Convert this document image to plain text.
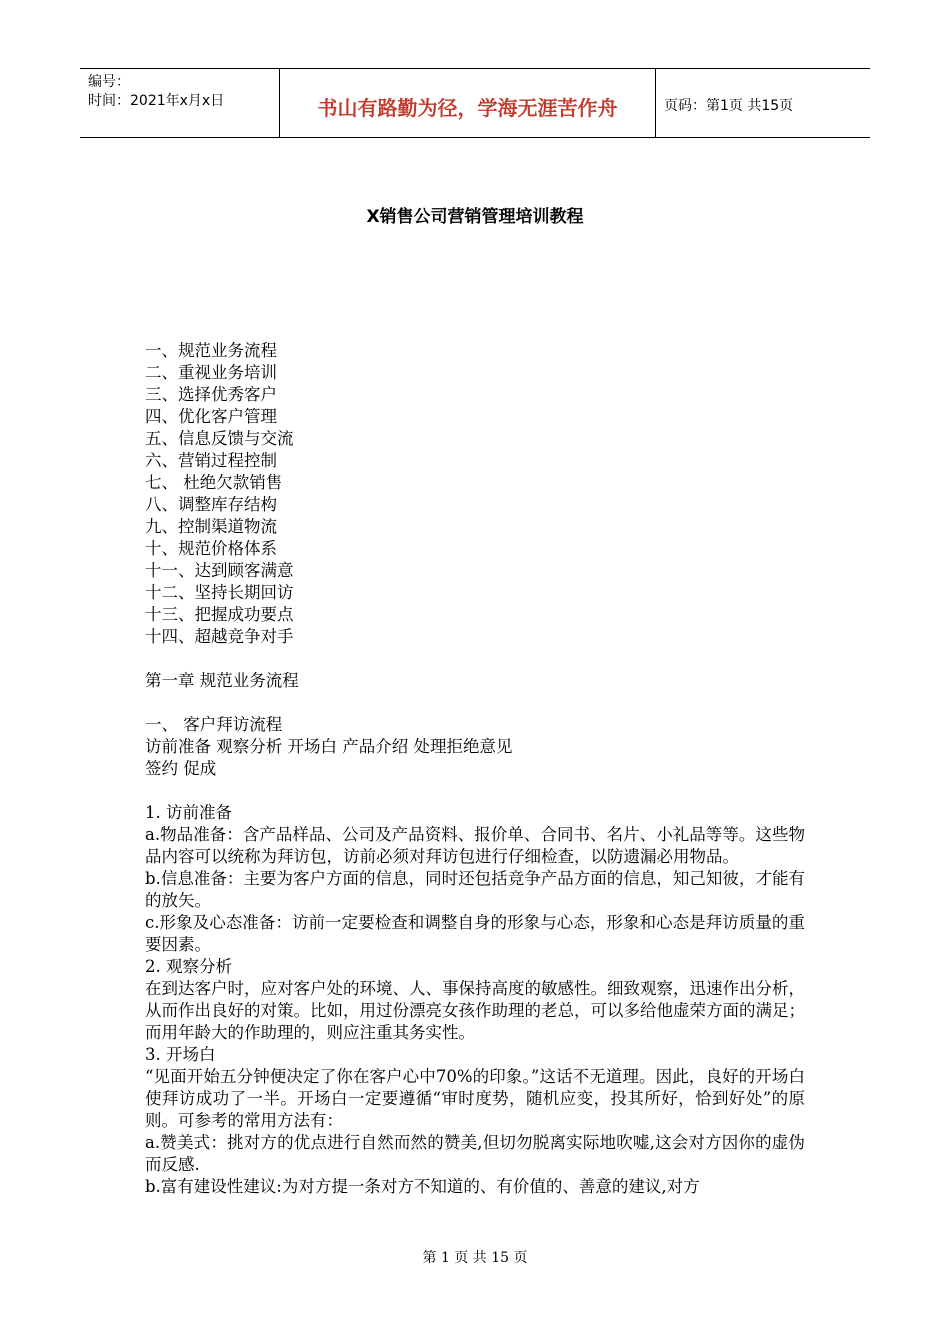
编号：
时间：2021年x月x日	书山有路勤为径，学海无涯苦作舟	页码：第1页 共15页
X销售公司营销管理培训教程
一、规范业务流程
二、重视业务培训
三、选择优秀客户
四、优化客户管理
五、信息反馈与交流
六、营销过程控制
七、 杜绝欠款销售
八、调整库存结构
九、控制渠道物流
十、规范价格体系
十一、达到顾客满意
十二、坚持长期回访
十三、把握成功要点
十四、超越竞争对手
第一章 规范业务流程
一、 客户拜访流程
访前准备 观察分析 开场白 产品介绍 处理拒绝意见
签约 促成
1. 访前准备
a.物品准备：含产品样品、公司及产品资料、报价单、合同书、名片、小礼品等等。这些物品内容可以统称为拜访包，访前必须对拜访包进行仔细检查，以防遗漏必用物品。
b.信息准备：主要为客户方面的信息，同时还包括竞争产品方面的信息，知己知彼，才能有的放矢。
c.形象及心态准备：访前一定要检查和调整自身的形象与心态，形象和心态是拜访质量的重要因素。
2. 观察分析
在到达客户时，应对客户处的环境、人、事保持高度的敏感性。细致观察，迅速作出分析，从而作出良好的对策。比如，用过份漂亮女孩作助理的老总，可以多给他虚荣方面的满足；而用年龄大的作助理的，则应注重其务实性。
3. 开场白
“见面开始五分钟便决定了你在客户心中70%的印象。”这话不无道理。因此，良好的开场白使拜访成功了一半。开场白一定要遵循“审时度势，随机应变，投其所好，恰到好处”的原则。可参考的常用方法有：
a.赞美式：挑对方的优点进行自然而然的赞美,但切勿脱离实际地吹嘘,这会对方因你的虚伪而反感.
b.富有建设性建议:为对方提一条对方不知道的、有价值的、善意的建议,对方
第 1 页 共 15 页
